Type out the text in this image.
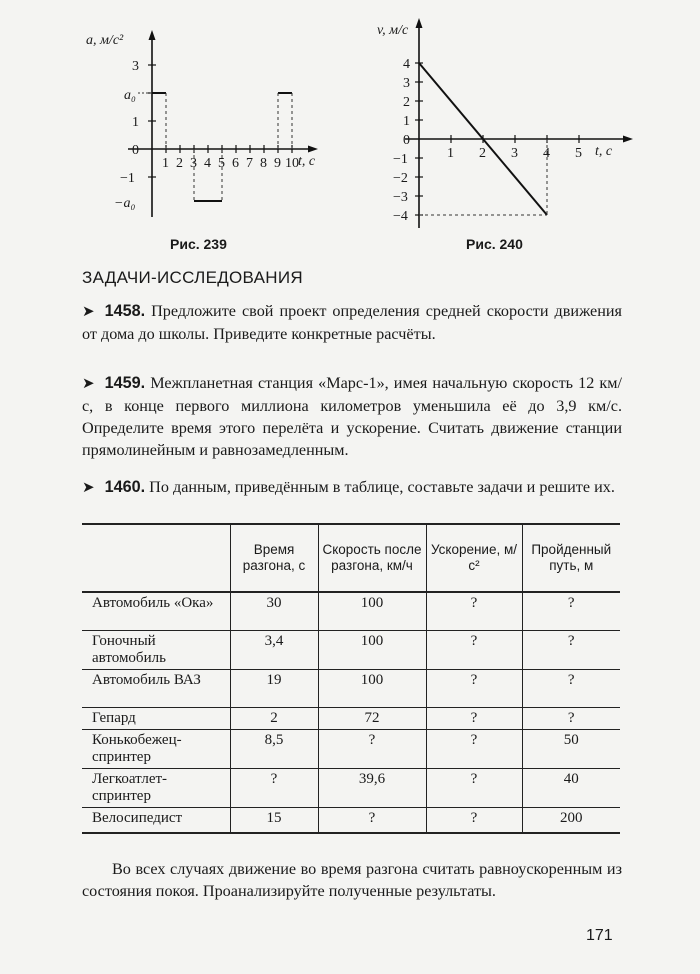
a, м/с²
t, с
3
1
0
−1
a₀
−a₀
1 2 3 4 5 6 7 8 9 10
Рис. 239
4
3
2
1
0
−1
−2
−3
−4
1 2 3 4 5
v, м/с
t, с
Рис. 240
ЗАДАЧИ-ИССЛЕДОВАНИЯ
➤ 1458. Предложите свой проект определения средней скорости движения от дома до школы. Приведите конкретные расчёты.
➤ 1459. Межпланетная станция «Марс-1», имея начальную скорость 12 км/с, в конце первого миллиона километров уменьшила её до 3,9 км/с. Определите время этого перелёта и ускорение. Считать движение станции прямолинейным и равнозамедленным.
➤ 1460. По данным, приведённым в таблице, составьте задачи и решите их.
	Время разгона, с	Скорость после разгона, км/ч	Ускорение, м/с²	Пройденный путь, м
Автомобиль «Ока»	30	100	?	?
Гоночный автомобиль	3,4	100	?	?
Автомобиль ВАЗ	19	100	?	?
Гепард	2	72	?	?
Конькобежец-спринтер	8,5	?	?	50
Легкоатлет-спринтер	?	39,6	?	40
Велосипедист	15	?	?	200
Во всех случаях движение во время разгона считать равноускоренным из состояния покоя. Проанализируйте полученные результаты.
171
